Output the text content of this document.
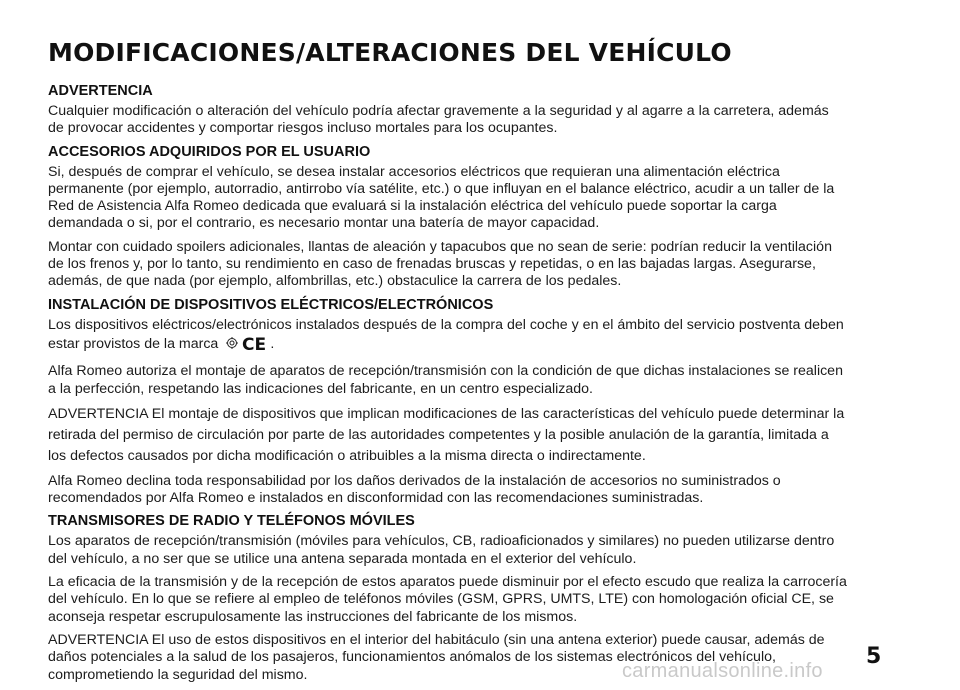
MODIFICACIONES/ALTERACIONES DEL VEHÍCULO
ADVERTENCIA

Cualquier modificación o alteración del vehículo podría afectar gravemente a la seguridad y al agarre a la carretera, además de provocar accidentes y comportar riesgos incluso mortales para los ocupantes.

ACCESORIOS ADQUIRIDOS POR EL USUARIO

Si, después de comprar el vehículo, se desea instalar accesorios eléctricos que requieran una alimentación eléctrica permanente (por ejemplo, autorradio, antirrobo vía satélite, etc.) o que influyan en el balance eléctrico, acudir a un taller de la Red de Asistencia Alfa Romeo dedicada que evaluará si la instalación eléctrica del vehículo puede soportar la carga demandada o si, por el contrario, es necesario montar una batería de mayor capacidad.

Montar con cuidado spoilers adicionales, llantas de aleación y tapacubos que no sean de serie: podrían reducir la ventilación de los frenos y, por lo tanto, su rendimiento en caso de frenadas bruscas y repetidas, o en las bajadas largas. Asegurarse, además, de que nada (por ejemplo, alfombrillas, etc.) obstaculice la carrera de los pedales.

INSTALACIÓN DE DISPOSITIVOS ELÉCTRICOS/ELECTRÓNICOS

Los dispositivos eléctricos/electrónicos instalados después de la compra del coche y en el ámbito del servicio postventa deben estar provistos de la marca CE .

Alfa Romeo autoriza el montaje de aparatos de recepción/transmisión con la condición de que dichas instalaciones se realicen a la perfección, respetando las indicaciones del fabricante, en un centro especializado.

ADVERTENCIA El montaje de dispositivos que implican modificaciones de las características del vehículo puede determinar la retirada del permiso de circulación por parte de las autoridades competentes y la posible anulación de la garantía, limitada a los defectos causados por dicha modificación o atribuibles a la misma directa o indirectamente.

Alfa Romeo declina toda responsabilidad por los daños derivados de la instalación de accesorios no suministrados o recomendados por Alfa Romeo e instalados en disconformidad con las recomendaciones suministradas.

TRANSMISORES DE RADIO Y TELÉFONOS MÓVILES

Los aparatos de recepción/transmisión (móviles para vehículos, CB, radioaficionados y similares) no pueden utilizarse dentro del vehículo, a no ser que se utilice una antena separada montada en el exterior del vehículo.

La eficacia de la transmisión y de la recepción de estos aparatos puede disminuir por el efecto escudo que realiza la carrocería del vehículo. En lo que se refiere al empleo de teléfonos móviles (GSM, GPRS, UMTS, LTE) con homologación oficial CE, se aconseja respetar escrupulosamente las instrucciones del fabricante de los mismos.

ADVERTENCIA El uso de estos dispositivos en el interior del habitáculo (sin una antena exterior) puede causar, además de daños potenciales a la salud de los pasajeros, funcionamientos anómalos de los sistemas electrónicos del vehículo, comprometiendo la seguridad del mismo.

5
carmanualsonline.info
